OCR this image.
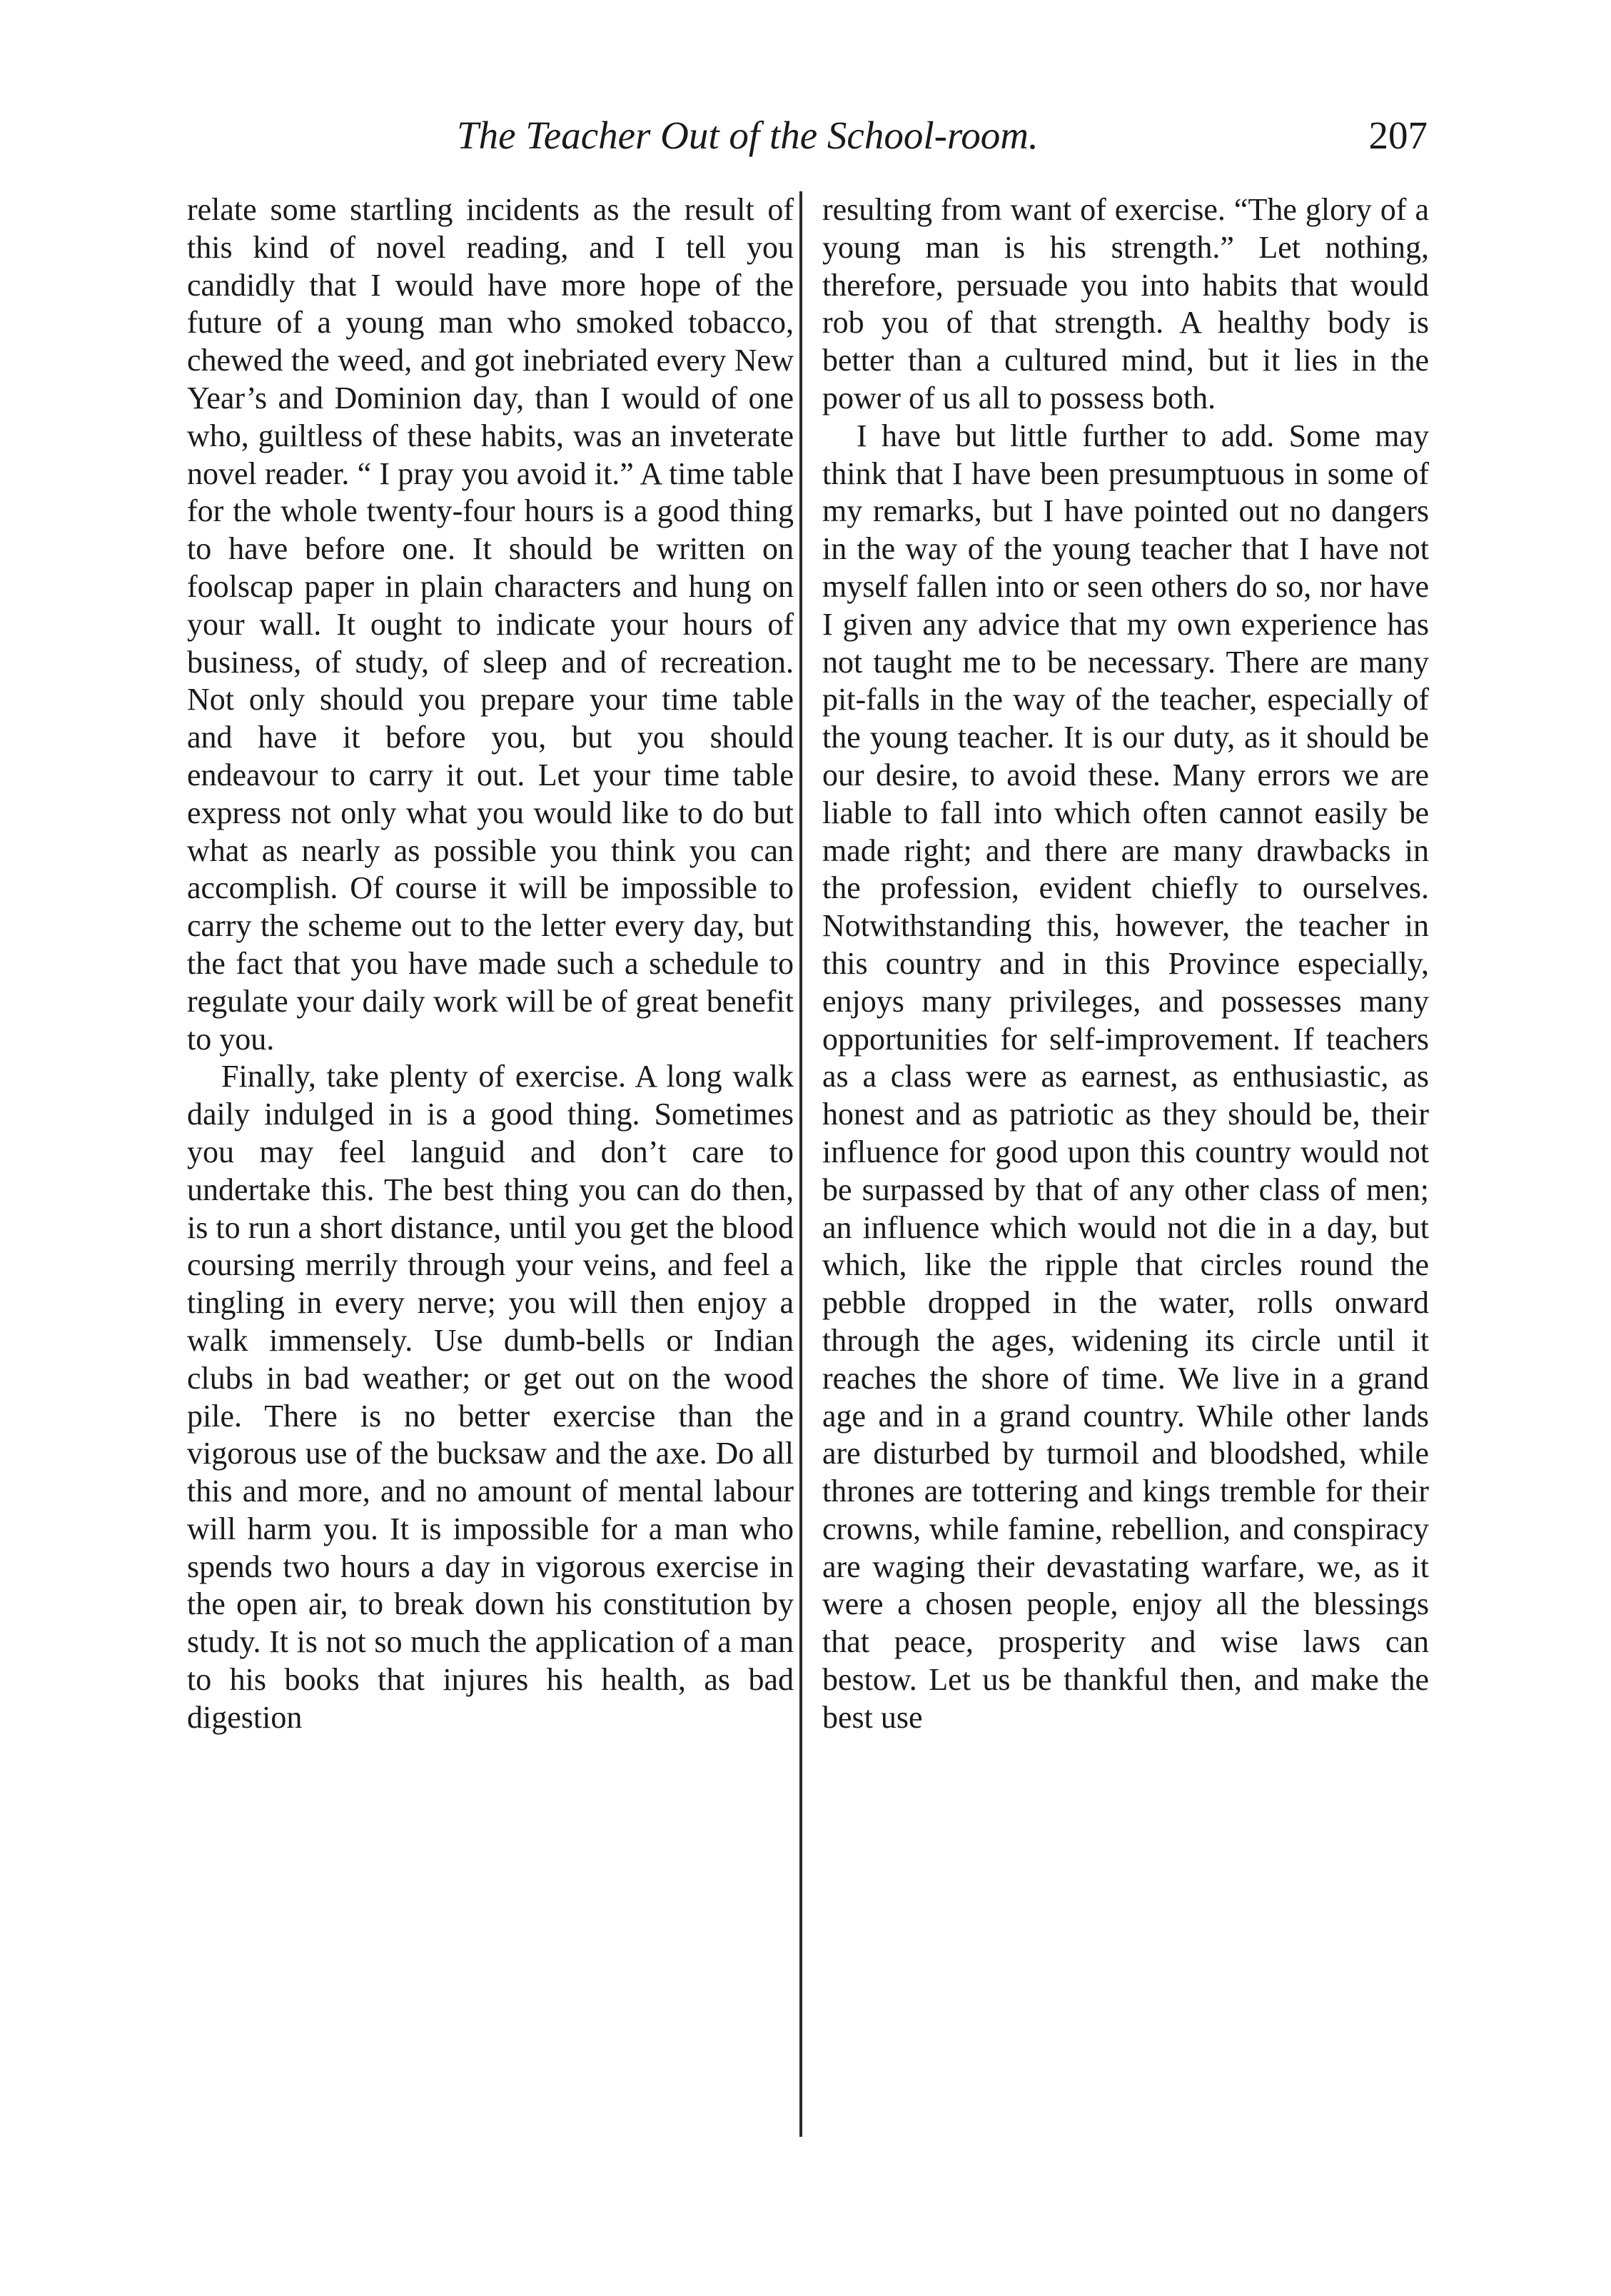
The Teacher Out of the School-room.	207

relate some startling incidents as the result of this kind of novel reading, and I tell you candidly that I would have more hope of the future of a young man who smoked tobacco, chewed the weed, and got inebriated every New Year’s and Dominion day, than I would of one who, guiltless of these habits, was an inveterate novel reader. “ I pray you avoid it.” A time table for the whole twenty-four hours is a good thing to have before one. It should be written on foolscap paper in plain characters and hung on your wall. It ought to indicate your hours of business, of study, of sleep and of recreation. Not only should you prepare your time table and have it before you, but you should endeavour to carry it out. Let your time table express not only what you would like to do but what as nearly as possible you think you can accomplish. Of course it will be impossible to carry the scheme out to the letter every day, but the fact that you have made such a schedule to regulate your daily work will be of great benefit to you.

Finally, take plenty of exercise. A long walk daily indulged in is a good thing. Sometimes you may feel languid and don’t care to undertake this. The best thing you can do then, is to run a short distance, until you get the blood coursing merrily through your veins, and feel a tingling in every nerve; you will then enjoy a walk immensely. Use dumb-bells or Indian clubs in bad weather; or get out on the wood pile. There is no better exercise than the vigorous use of the bucksaw and the axe. Do all this and more, and no amount of mental labour will harm you. It is impossible for a man who spends two hours a day in vigorous exercise in the open air, to break down his constitution by study. It is not so much the application of a man to his books that injures his health, as bad digestion

resulting from want of exercise. “The glory of a young man is his strength.” Let nothing, therefore, persuade you into habits that would rob you of that strength. A healthy body is better than a cultured mind, but it lies in the power of us all to possess both.

I have but little further to add. Some may think that I have been presumptuous in some of my remarks, but I have pointed out no dangers in the way of the young teacher that I have not myself fallen into or seen others do so, nor have I given any advice that my own experience has not taught me to be necessary. There are many pit-falls in the way of the teacher, especially of the young teacher. It is our duty, as it should be our desire, to avoid these. Many errors we are liable to fall into which often cannot easily be made right; and there are many drawbacks in the profession, evident chiefly to ourselves. Notwithstanding this, however, the teacher in this country and in this Province especially, enjoys many privileges, and possesses many opportunities for self-improvement. If teachers as a class were as earnest, as enthusiastic, as honest and as patriotic as they should be, their influence for good upon this country would not be surpassed by that of any other class of men; an influence which would not die in a day, but which, like the ripple that circles round the pebble dropped in the water, rolls onward through the ages, widening its circle until it reaches the shore of time. We live in a grand age and in a grand country. While other lands are disturbed by turmoil and bloodshed, while thrones are tottering and kings tremble for their crowns, while famine, rebellion, and conspiracy are waging their devastating warfare, we, as it were a chosen people, enjoy all the blessings that peace, prosperity and wise laws can bestow. Let us be thankful then, and make the best use
